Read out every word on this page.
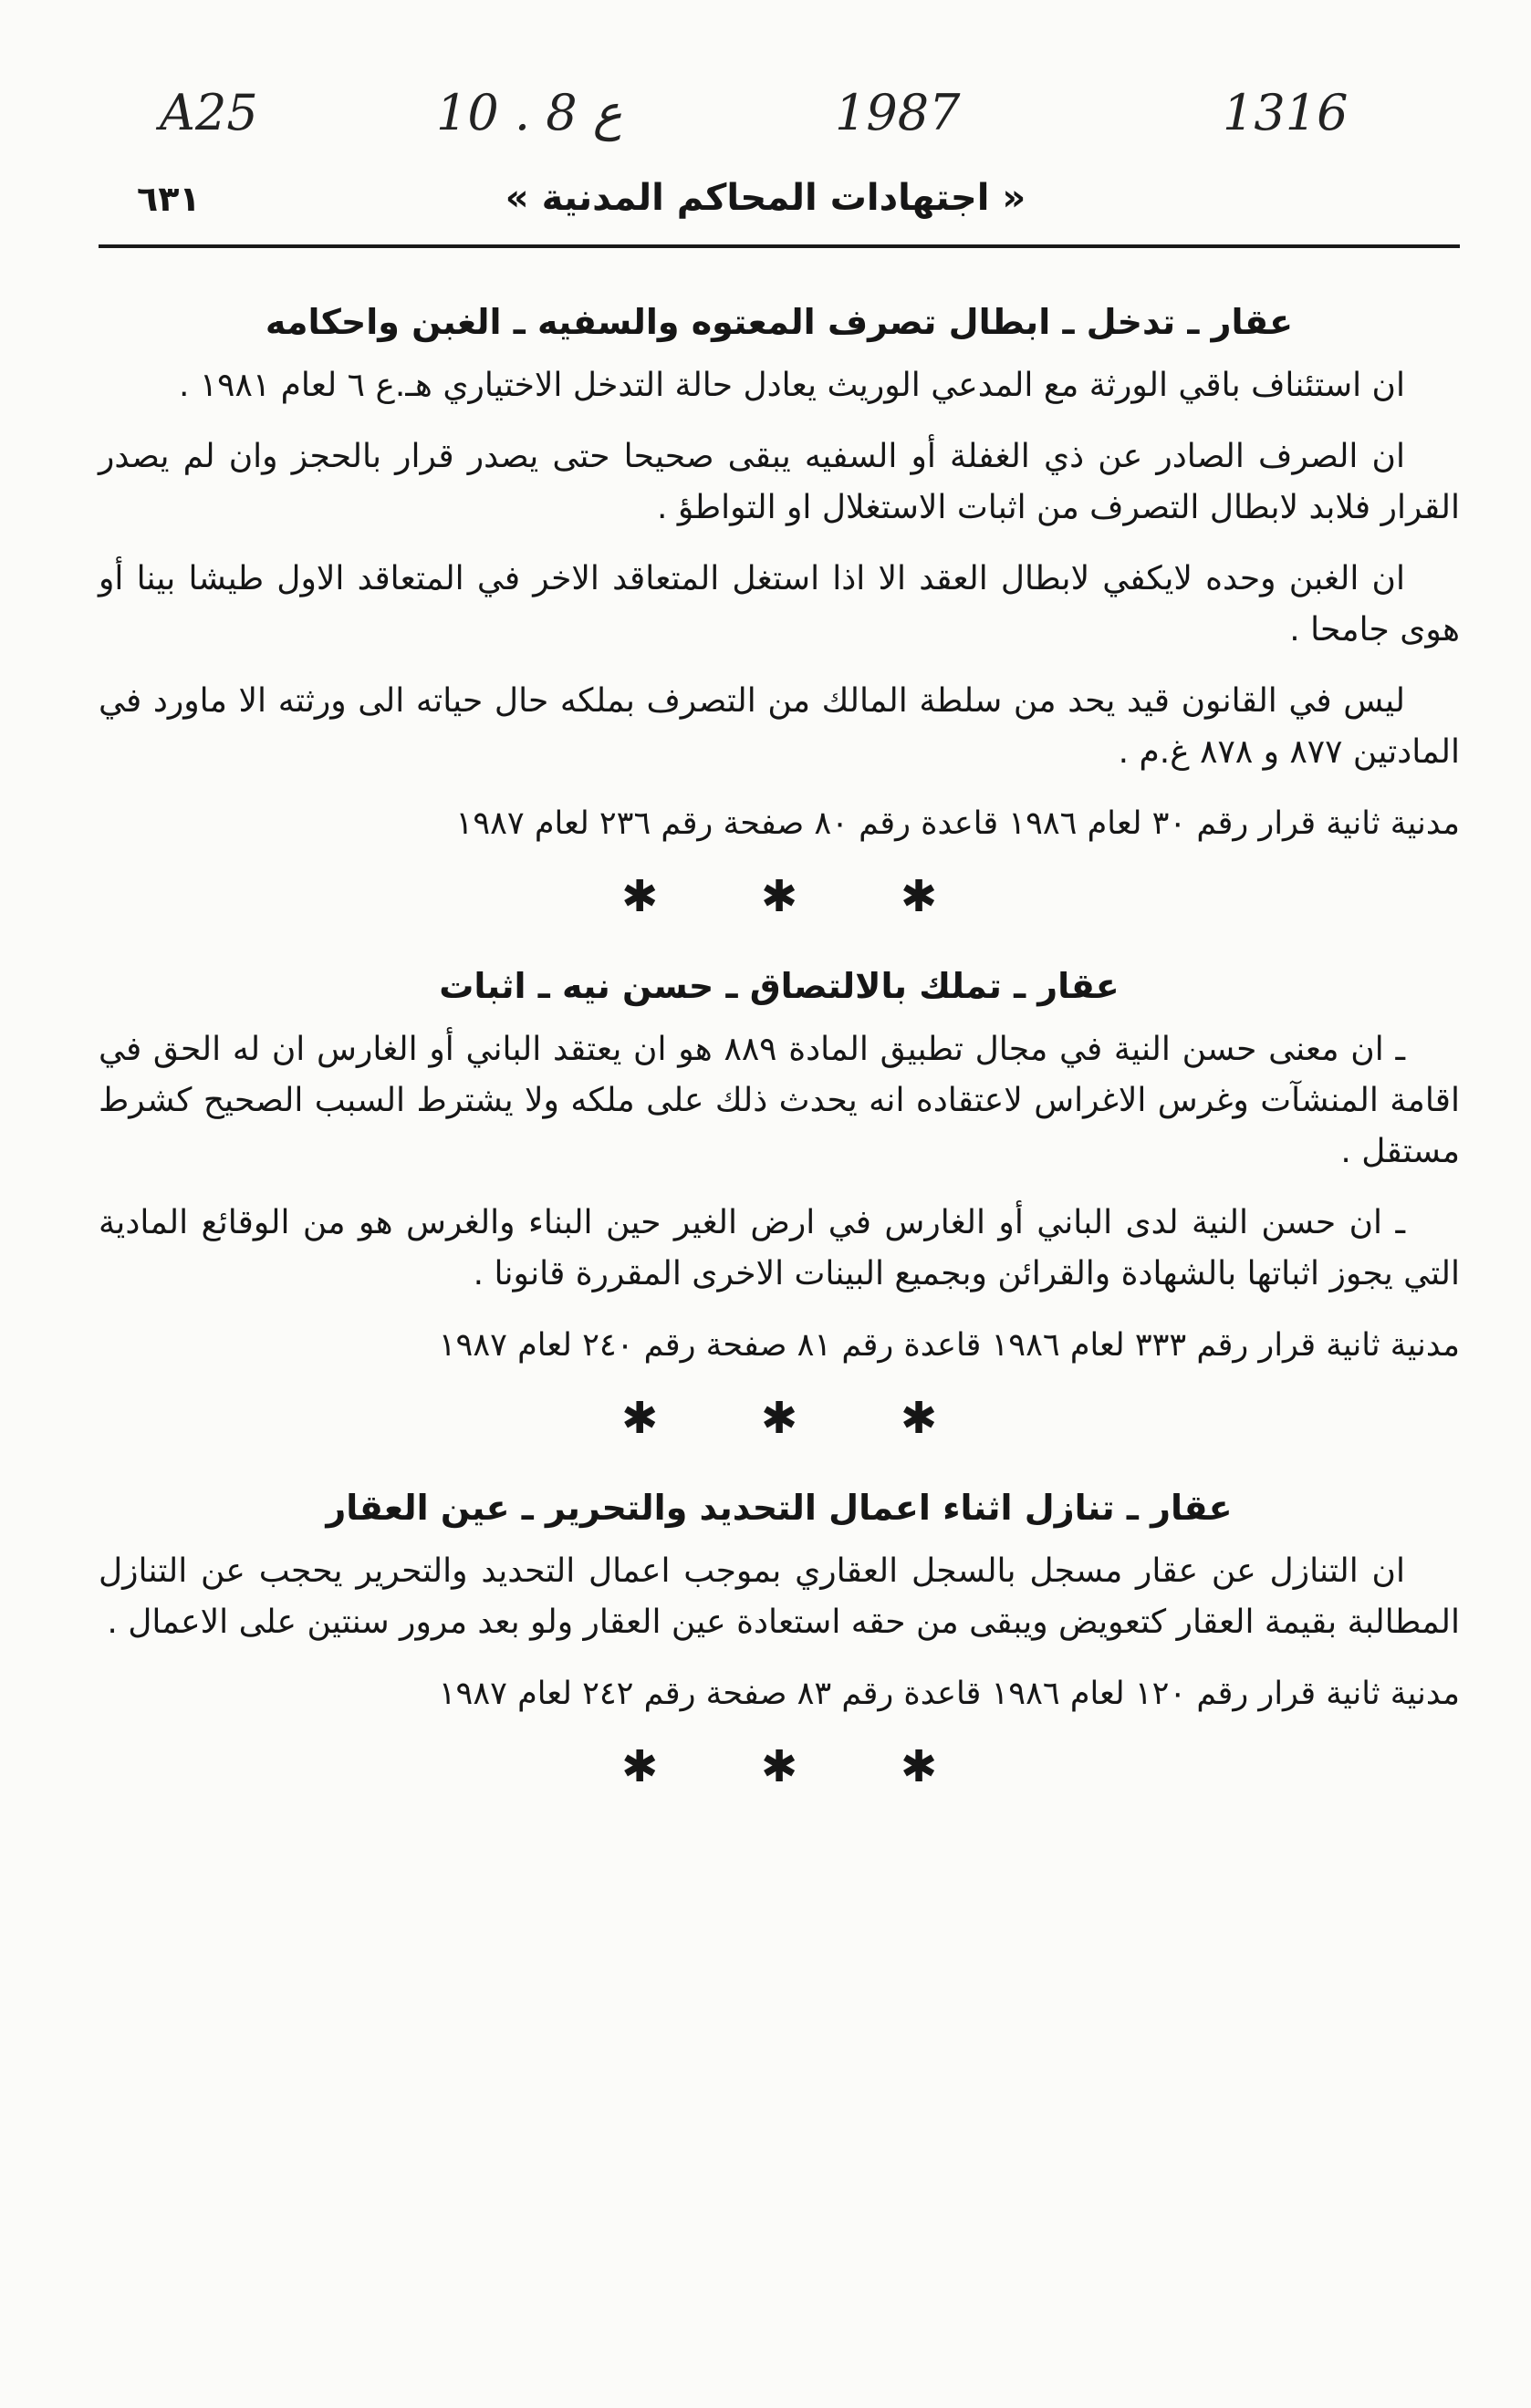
A25	10 . 8 ع	1987	1316
٦٣١	« اجتهادات المحاكم المدنية »
عقار ـ تدخل ـ ابطال تصرف المعتوه والسفيه ـ الغبن واحكامه

ان استئناف باقي الورثة مع المدعي الوريث يعادل حالة التدخل الاختياري هـ.ع ٦ لعام ١٩٨١ .

ان الصرف الصادر عن ذي الغفلة أو السفيه يبقى صحيحا حتى يصدر قرار بالحجز وان لم يصدر القرار فلابد لابطال التصرف من اثبات الاستغلال او التواطؤ .

ان الغبن وحده لايكفي لابطال العقد الا اذا استغل المتعاقد الاخر في المتعاقد الاول طيشا بينا أو هوى جامحا .

ليس في القانون قيد يحد من سلطة المالك من التصرف بملكه حال حياته الى ورثته الا ماورد في المادتين ٨٧٧ و ٨٧٨ غ.م .

مدنية ثانية قرار رقم ٣٠ لعام ١٩٨٦ قاعدة رقم ٨٠ صفحة رقم ٢٣٦ لعام ١٩٨٧

✱ ✱ ✱
عقار ـ تملك بالالتصاق ـ حسن نيه ـ اثبات

ـ ان معنى حسن النية في مجال تطبيق المادة ٨٨٩ هو ان يعتقد الباني أو الغارس ان له الحق في اقامة المنشآت وغرس الاغراس لاعتقاده انه يحدث ذلك على ملكه ولا يشترط السبب الصحيح كشرط مستقل .

ـ ان حسن النية لدى الباني أو الغارس في ارض الغير حين البناء والغرس هو من الوقائع المادية التي يجوز اثباتها بالشهادة والقرائن وبجميع البينات الاخرى المقررة قانونا .

مدنية ثانية قرار رقم ٣٣٣ لعام ١٩٨٦ قاعدة رقم ٨١ صفحة رقم ٢٤٠ لعام ١٩٨٧

✱ ✱ ✱
عقار ـ تنازل اثناء اعمال التحديد والتحرير ـ عين العقار

ان التنازل عن عقار مسجل بالسجل العقاري بموجب اعمال التحديد والتحرير يحجب عن التنازل المطالبة بقيمة العقار كتعويض ويبقى من حقه استعادة عين العقار ولو بعد مرور سنتين على الاعمال .

مدنية ثانية قرار رقم ١٢٠ لعام ١٩٨٦ قاعدة رقم ٨٣ صفحة رقم ٢٤٢ لعام ١٩٨٧

✱ ✱ ✱
